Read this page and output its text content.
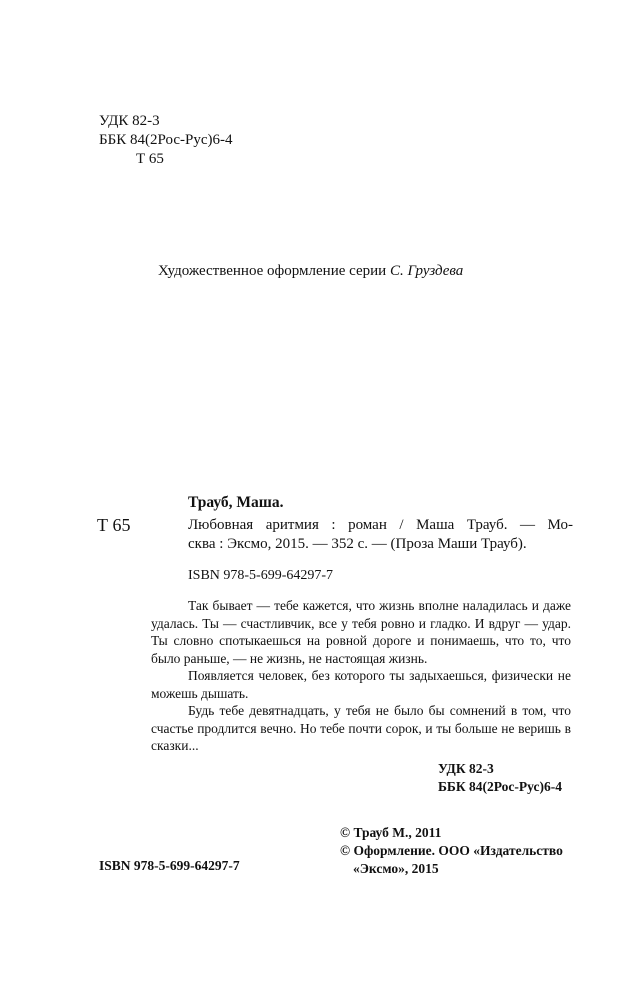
УДК 82-3
ББК 84(2Рос-Рус)6-4
Т 65
Художественное оформление серии С. Груздева
Т 65
Трауб, Маша.
Любовная аритмия : роман / Маша Трауб. — Мо-
сква : Эксмо, 2015. — 352 с. — (Проза Маши Трауб).
ISBN 978-5-699-64297-7

Так бывает — тебе кажется, что жизнь вполне наладилась и даже удалась. Ты — счастливчик, все у тебя ровно и гладко. И вдруг — удар. Ты словно спотыкаешься на ровной дороге и понимаешь, что то, что было раньше, — не жизнь, не настоящая жизнь.

Появляется человек, без которого ты задыхаешься, физически не можешь дышать.

Будь тебе девятнадцать, у тебя не было бы сомнений в том, что счастье продлится вечно. Но тебе почти сорок, и ты больше не веришь в сказки...

УДК 82-3
ББК 84(2Рос-Рус)6-4
© Трауб М., 2011
© Оформление. ООО «Издательство
«Эксмо», 2015
ISBN 978-5-699-64297-7
